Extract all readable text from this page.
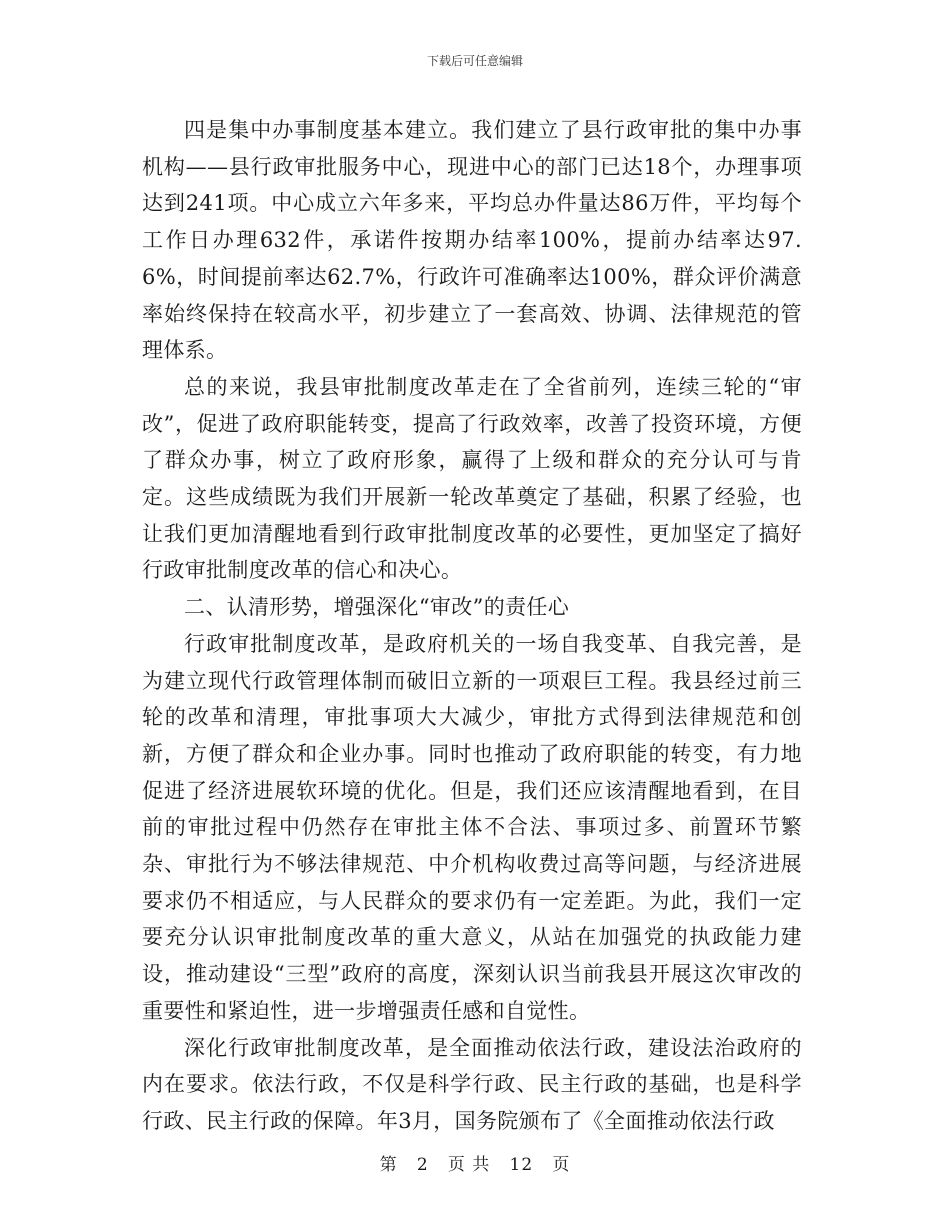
下载后可任意编辑

四是集中办事制度基本建立。我们建立了县行政审批的集中办事机构——县行政审批服务中心，现进中心的部门已达18个，办理事项达到241项。中心成立六年多来，平均总办件量达86万件，平均每个工作日办理632件，承诺件按期办结率100%，提前办结率达97.6%，时间提前率达62.7%，行政许可准确率达100%，群众评价满意率始终保持在较高水平，初步建立了一套高效、协调、法律规范的管理体系。

总的来说，我县审批制度改革走在了全省前列，连续三轮的“审改”，促进了政府职能转变，提高了行政效率，改善了投资环境，方便了群众办事，树立了政府形象，赢得了上级和群众的充分认可与肯定。这些成绩既为我们开展新一轮改革奠定了基础，积累了经验，也让我们更加清醒地看到行政审批制度改革的必要性，更加坚定了搞好行政审批制度改革的信心和决心。

二、认清形势，增强深化“审改”的责任心

行政审批制度改革，是政府机关的一场自我变革、自我完善，是为建立现代行政管理体制而破旧立新的一项艰巨工程。我县经过前三轮的改革和清理，审批事项大大减少，审批方式得到法律规范和创新，方便了群众和企业办事。同时也推动了政府职能的转变，有力地促进了经济进展软环境的优化。但是，我们还应该清醒地看到，在目前的审批过程中仍然存在审批主体不合法、事项过多、前置环节繁杂、审批行为不够法律规范、中介机构收费过高等问题，与经济进展要求仍不相适应，与人民群众的要求仍有一定差距。为此，我们一定要充分认识审批制度改革的重大意义，从站在加强党的执政能力建设，推动建设“三型”政府的高度，深刻认识当前我县开展这次审改的重要性和紧迫性，进一步增强责任感和自觉性。

深化行政审批制度改革，是全面推动依法行政，建设法治政府的内在要求。依法行政，不仅是科学行政、民主行政的基础，也是科学行政、民主行政的保障。年3月，国务院颁布了《全面推动依法行政

第 2 页 共 12 页
